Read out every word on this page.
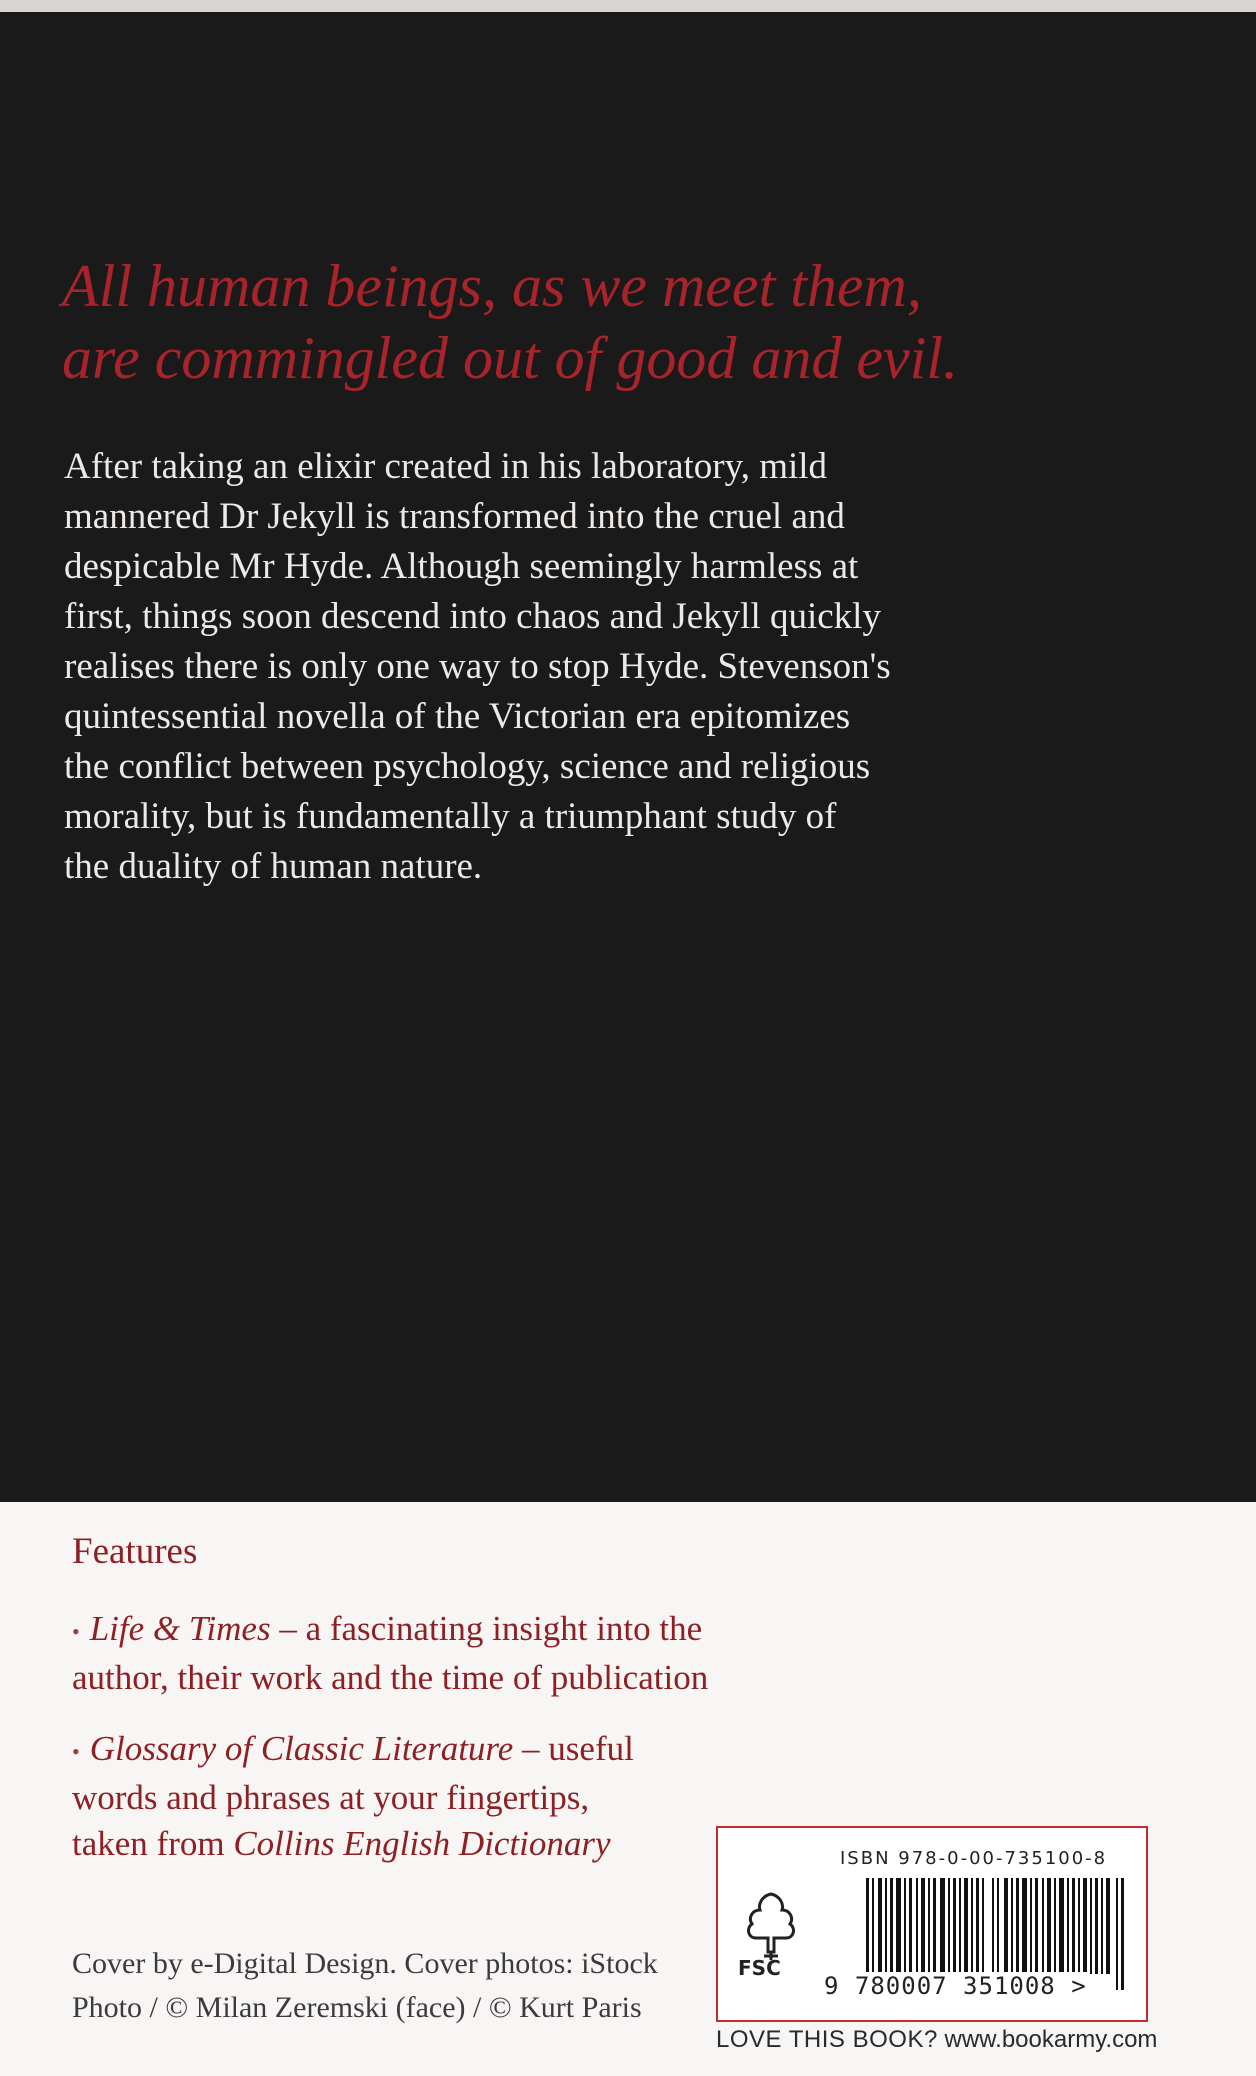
All human beings, as we meet them,
are commingled out of good and evil.

After taking an elixir created in his laboratory, mild
mannered Dr Jekyll is transformed into the cruel and
despicable Mr Hyde. Although seemingly harmless at
first, things soon descend into chaos and Jekyll quickly
realises there is only one way to stop Hyde. Stevenson's
quintessential novella of the Victorian era epitomizes
the conflict between psychology, science and religious
morality, but is fundamentally a triumphant study of
the duality of human nature.

Features

• Life & Times – a fascinating insight into the
author, their work and the time of publication

• Glossary of Classic Literature – useful
words and phrases at your fingertips,
taken from Collins English Dictionary

Cover by e-Digital Design. Cover photos: iStock
Photo / © Milan Zeremski (face) / © Kurt Paris

ISBN 978-0-00-735100-8
FSC
9 780007 351008 >
LOVE THIS BOOK? www.bookarmy.com
